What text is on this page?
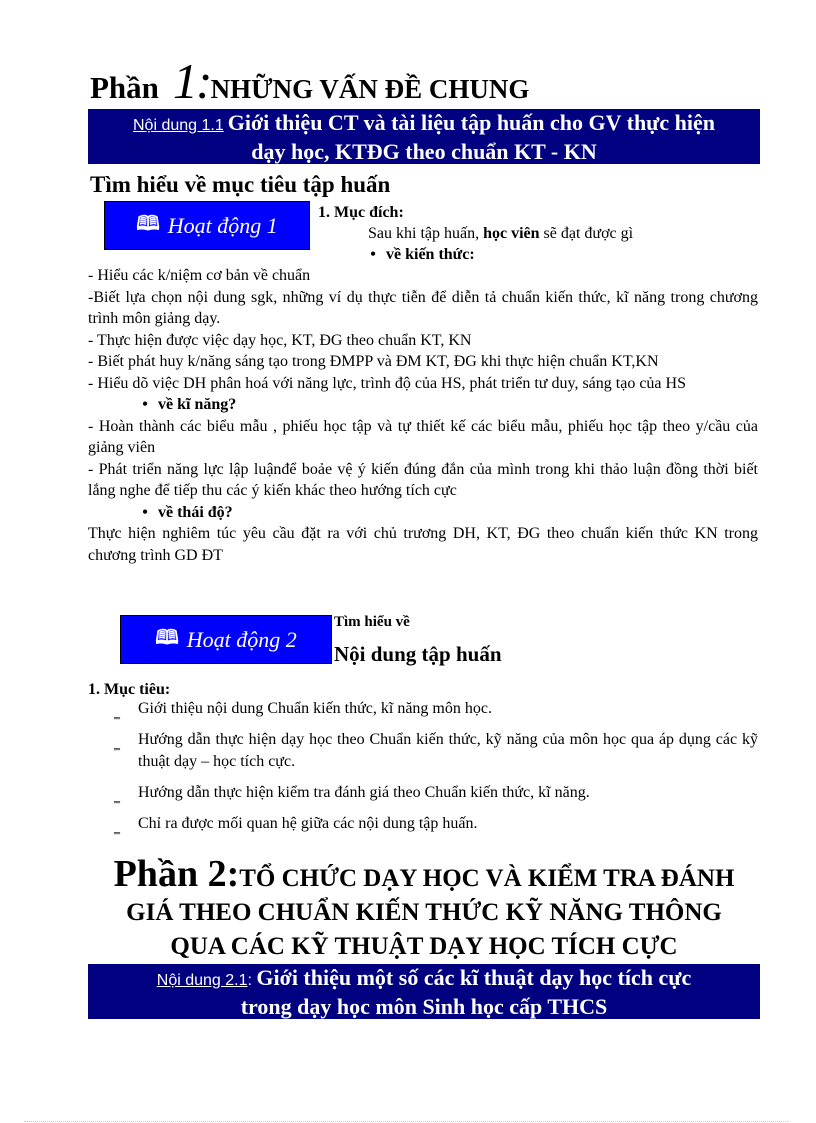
Phần 1:NHỮNG VẤN ĐỀ CHUNG
Nội dung 1.1 Giới thiệu CT và tài liệu tập huấn cho GV thực hiện
dạy học, KTĐG theo chuẩn KT - KN
Tìm hiểu về mục tiêu tập huấn
🕮 Hoạt động 1	1. Mục đích:
Sau khi tập huấn, học viên sẽ đạt được gì
• về kiến thức:
- Hiểu các k/niệm cơ bản về chuẩn
-Biết lựa chọn nội dung sgk, những ví dụ thực tiễn để diễn tả chuẩn kiến thức, kĩ năng trong chương trình môn giảng dạy.
- Thực hiện được việc dạy học, KT, ĐG theo chuẩn KT, KN
- Biết phát huy k/năng sáng tạo trong ĐMPP và ĐM KT, ĐG khi thực hiện chuẩn KT,KN
- Hiểu dõ việc DH phân hoá với năng lực, trình độ của HS, phát triển tư duy, sáng tạo của HS
• về kĩ năng?
- Hoàn thành các biểu mẫu , phiếu học tập và tự thiết kế các biểu mẫu, phiếu học tập theo y/cầu của giảng viên
- Phát triển năng lực lập luậnđể boảe vệ ý kiến đúng đắn của mình trong khi thảo luận đồng thời biết lắng nghe để tiếp thu các ý kiến khác theo hướng tích cực
• về thái độ?
Thực hiện nghiêm túc yêu cầu đặt ra với chủ trương DH, KT, ĐG theo chuẩn kiến thức KN trong chương trình GD ĐT
🕮 Hoạt động 2
Tìm hiểu về
Nội dung tập huấn
1. Mục tiêu:
‗ Giới thiệu nội dung Chuẩn kiến thức, kĩ năng môn học.
‗ Hướng dẫn thực hiện dạy học theo Chuẩn kiến thức, kỹ năng của môn học qua áp dụng các kỹ thuật dạy – học tích cực.
‗ Hướng dẫn thực hiện kiểm tra đánh giá theo Chuẩn kiến thức, kĩ năng.
‗ Chỉ ra được mối quan hệ giữa các nội dung tập huấn.
Phần 2:TỔ CHỨC DẠY HỌC VÀ KIỂM TRA ĐÁNH
GIÁ THEO CHUẨN KIẾN THỨC KỸ NĂNG THÔNG
QUA CÁC KỸ THUẬT DẠY HỌC TÍCH CỰC
Nội dung 2.1: Giới thiệu một số các kĩ thuật dạy học tích cực
trong dạy học môn Sinh học cấp THCS
